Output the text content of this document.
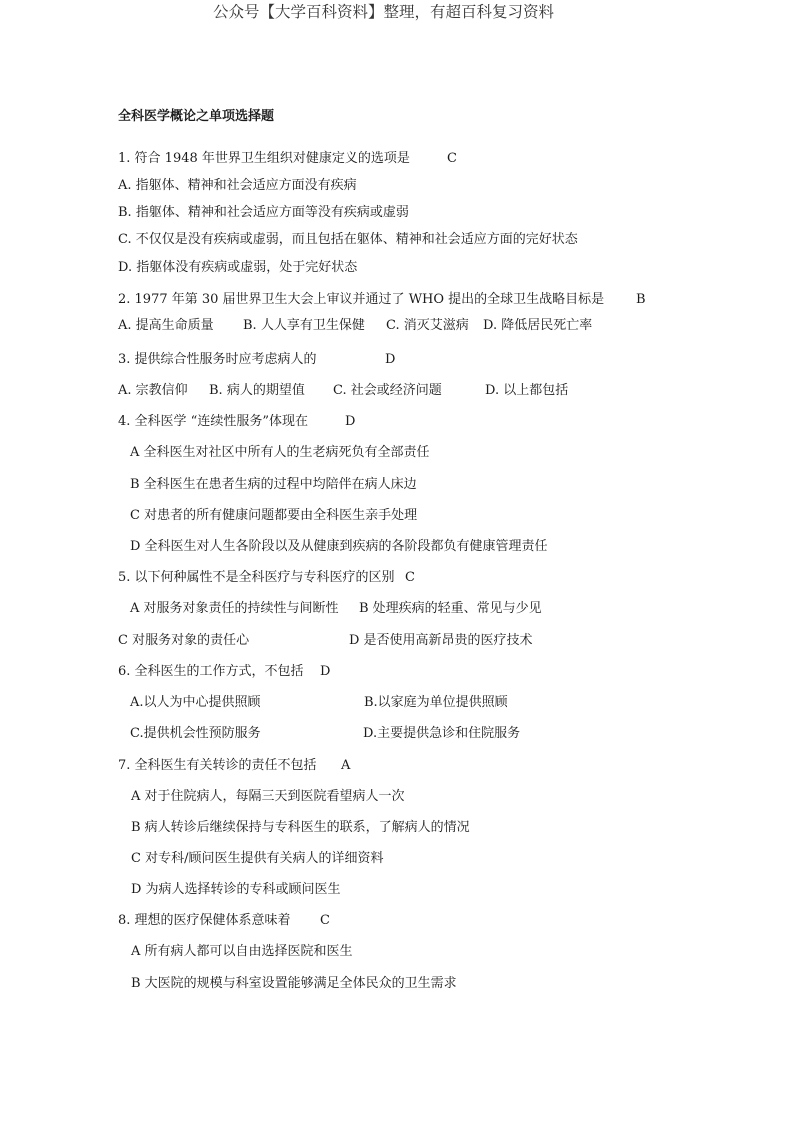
公众号【大学百科资料】整理，有超百科复习资料
全科医学概论之单项选择题
1. 符合 1948 年世界卫生组织对健康定义的选项是	C
A. 指躯体、精神和社会适应方面没有疾病
B. 指躯体、精神和社会适应方面等没有疾病或虚弱
C. 不仅仅是没有疾病或虚弱，而且包括在躯体、精神和社会适应方面的完好状态
D. 指躯体没有疾病或虚弱，处于完好状态
2. 1977 年第 30 届世界卫生大会上审议并通过了 WHO 提出的全球卫生战略目标是 B
A. 提高生命质量 B. 人人享有卫生保健 C. 消灭艾滋病 D. 降低居民死亡率
3. 提供综合性服务时应考虑病人的	D
A. 宗教信仰 B. 病人的期望值 C. 社会或经济问题	D. 以上都包括
4. 全科医学 “连续性服务”体现在	D
A 全科医生对社区中所有人的生老病死负有全部责任
B 全科医生在患者生病的过程中均陪伴在病人床边
C 对患者的所有健康问题都要由全科医生亲手处理
D 全科医生对人生各阶段以及从健康到疾病的各阶段都负有健康管理责任
5. 以下何种属性不是全科医疗与专科医疗的区别 C
A 对服务对象责任的持续性与间断性 B 处理疾病的轻重、常见与少见
C 对服务对象的责任心	D 是否使用高新昂贵的医疗技术
6. 全科医生的工作方式，不包括 D
A.以人为中心提供照顾	B.以家庭为单位提供照顾
C.提供机会性预防服务	D.主要提供急诊和住院服务
7. 全科医生有关转诊的责任不包括 A
A 对于住院病人，每隔三天到医院看望病人一次
B 病人转诊后继续保持与专科医生的联系，了解病人的情况
C 对专科/顾问医生提供有关病人的详细资料
D 为病人选择转诊的专科或顾问医生
8. 理想的医疗保健体系意味着 C
A 所有病人都可以自由选择医院和医生
B 大医院的规模与科室设置能够满足全体民众的卫生需求
